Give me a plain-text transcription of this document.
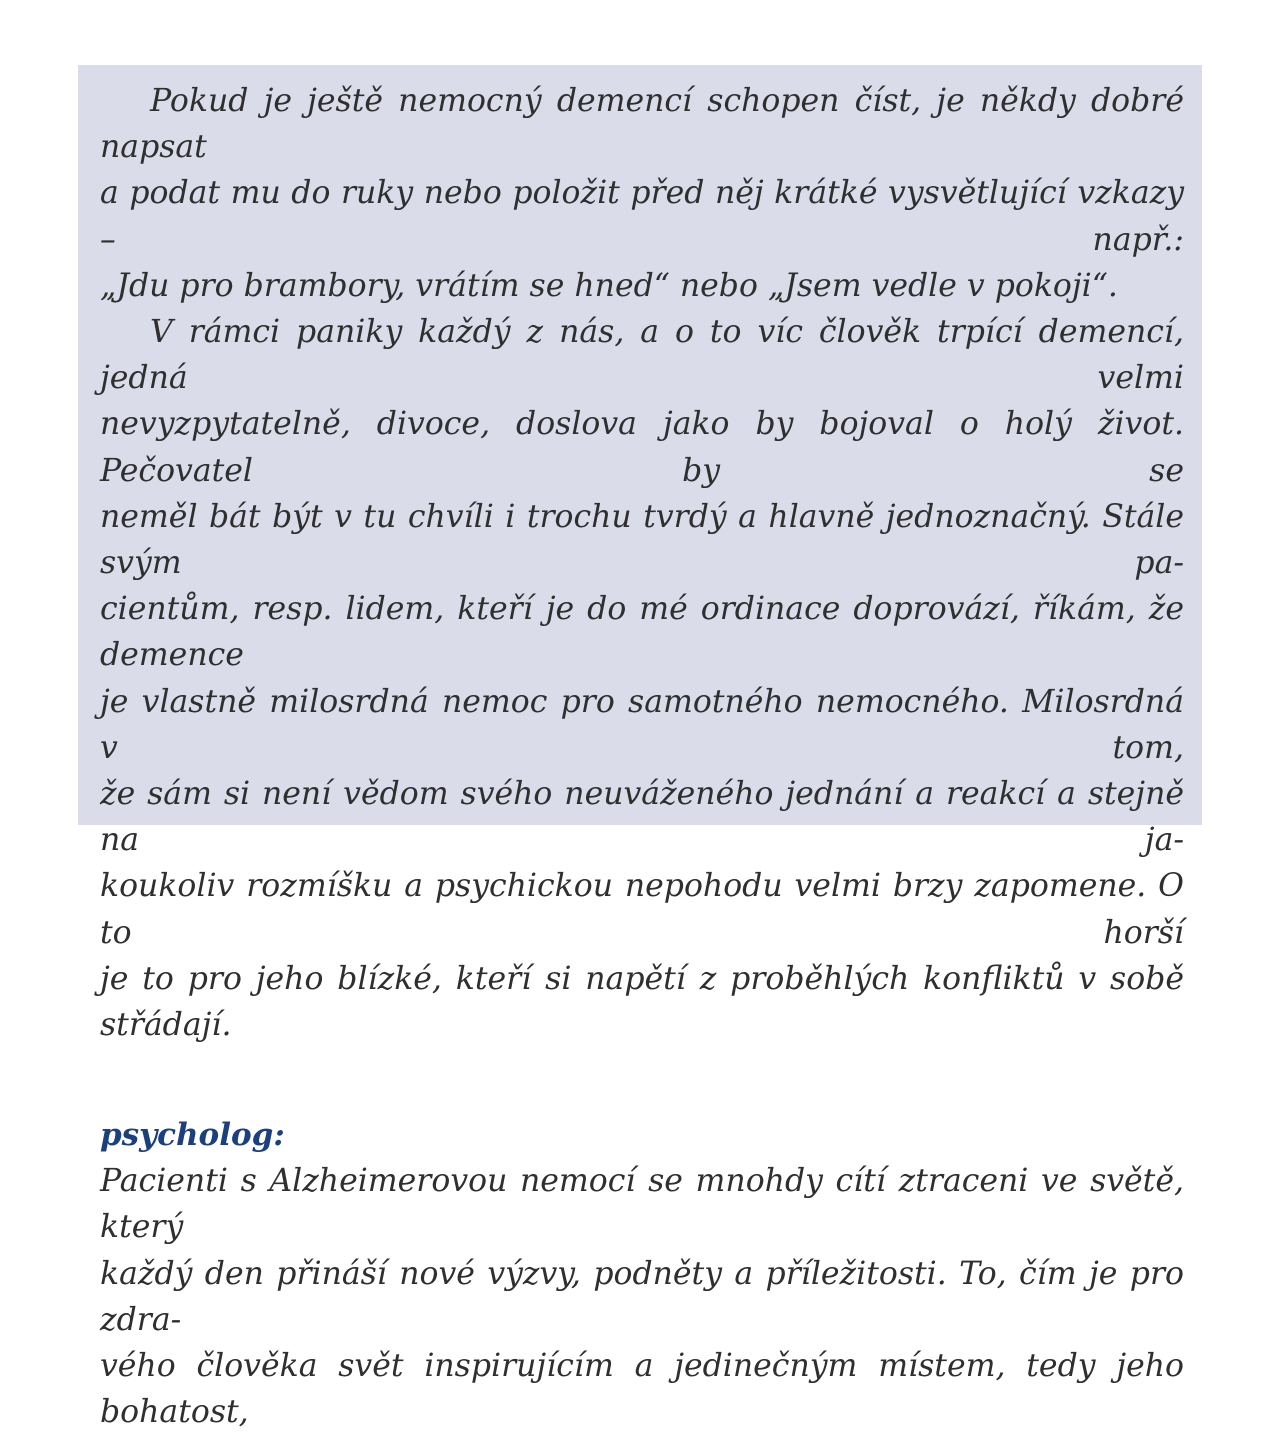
Pokud je ještě nemocný demencí schopen číst, je někdy dobré napsat
a podat mu do ruky nebo položit před něj krátké vysvětlující vzkazy – např.:
„Jdu pro brambory, vrátím se hned“ nebo „Jsem vedle v pokoji“.

V rámci paniky každý z nás, a o to víc člověk trpící demencí, jedná velmi
nevyzpytatelně, divoce, doslova jako by bojoval o holý život. Pečovatel by se
neměl bát být v tu chvíli i trochu tvrdý a hlavně jednoznačný. Stále svým pa-
cientům, resp. lidem, kteří je do mé ordinace doprovází, říkám, že demence
je vlastně milosrdná nemoc pro samotného nemocného. Milosrdná v tom,
že sám si není vědom svého neuváženého jednání a reakcí a stejně na ja-
koukoliv rozmíšku a psychickou nepohodu velmi brzy zapomene. O to horší
je to pro jeho blízké, kteří si napětí z proběhlých konfliktů v sobě střádají.

psycholog:

Pacienti s Alzheimerovou nemocí se mnohdy cítí ztraceni ve světě, který
každý den přináší nové výzvy, podněty a příležitosti. To, čím je pro zdra-
vého člověka svět inspirujícím a jedinečným místem, tedy jeho bohatost,
